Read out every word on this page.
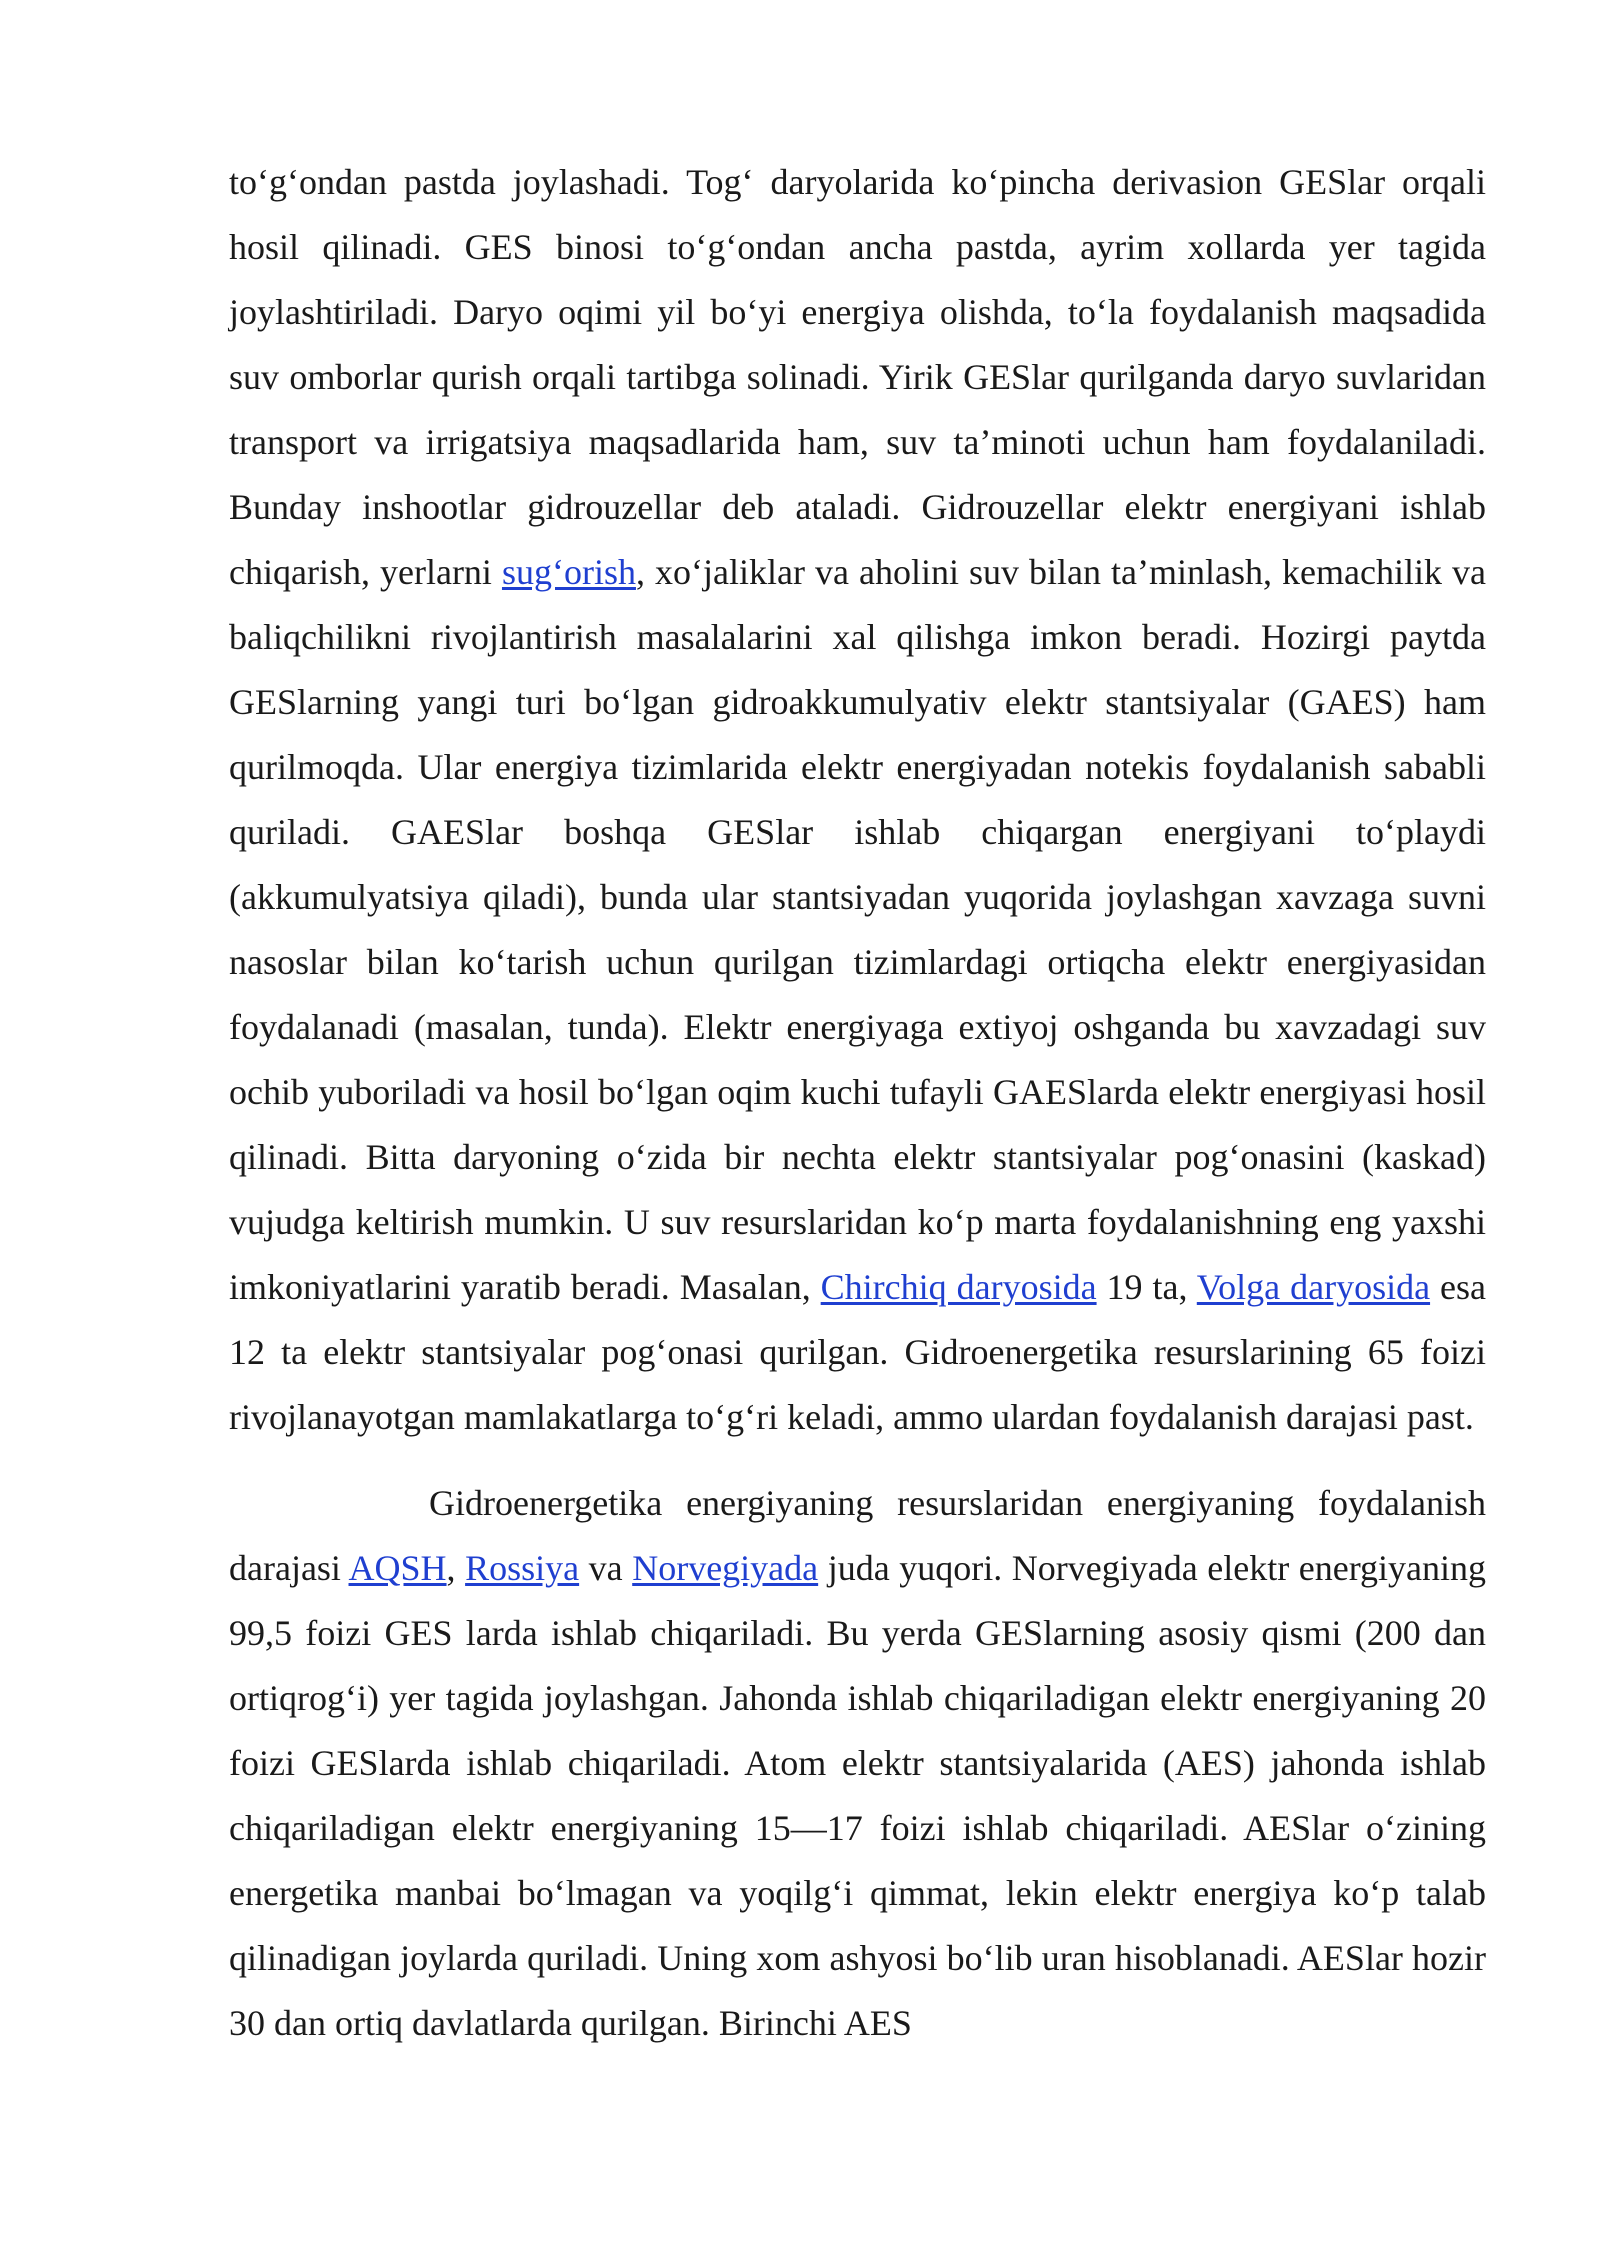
to‘g‘ondan pastda joylashadi. Tog‘ daryolarida ko‘pincha derivasion GESlar orqali hosil qilinadi. GES binosi to‘g‘ondan ancha pastda, ayrim xollarda yer tagida joylashtiriladi. Daryo oqimi yil bo‘yi energiya olishda, to‘la foydalanish maqsadida suv omborlar qurish orqali tartibga solinadi. Yirik GESlar qurilganda daryo suvlaridan transport va irrigatsiya maqsadlarida ham, suv ta’minoti uchun ham foydalaniladi. Bunday inshootlar gidrouzellar deb ataladi. Gidrouzellar elektr energiyani ishlab chiqarish, yerlarni sug‘orish, xo‘jaliklar va aholini suv bilan ta’minlash, kemachilik va baliqchilikni rivojlantirish masalalarini xal qilishga imkon beradi. Hozirgi paytda GESlarning yangi turi bo‘lgan gidroakkumulyativ elektr stantsiyalar (GAES) ham qurilmoqda. Ular energiya tizimlarida elektr energiyadan notekis foydalanish sababli quriladi. GAESlar boshqa GESlar ishlab chiqargan energiyani to‘playdi (akkumulyatsiya qiladi), bunda ular stantsiyadan yuqorida joylashgan xavzaga suvni nasoslar bilan ko‘tarish uchun qurilgan tizimlardagi ortiqcha elektr energiyasidan foydalanadi (masalan, tunda). Elektr energiyaga extiyoj oshganda bu xavzadagi suv ochib yuboriladi va hosil bo‘lgan oqim kuchi tufayli GAESlarda elektr energiyasi hosil qilinadi. Bitta daryoning o‘zida bir nechta elektr stantsiyalar pog‘onasini (kaskad) vujudga keltirish mumkin. U suv resurslaridan ko‘p marta foydalanishning eng yaxshi imkoniyatlarini yaratib beradi. Masalan, Chirchiq daryosida 19 ta, Volga daryosida esa 12 ta elektr stantsiyalar pog‘onasi qurilgan. Gidroenergetika resurslarining 65 foizi rivojlanayotgan mamlakatlarga to‘g‘ri keladi, ammo ulardan foydalanish darajasi past.

Gidroenergetika energiyaning resurslaridan energiyaning foydalanish darajasi AQSH, Rossiya va Norvegiyada juda yuqori. Norvegiyada elektr energiyaning 99,5 foizi GES larda ishlab chiqariladi. Bu yerda GESlarning asosiy qismi (200 dan ortiqrog‘i) yer tagida joylashgan. Jahonda ishlab chiqariladigan elektr energiyaning 20 foizi GESlarda ishlab chiqariladi. Atom elektr stantsiyalarida (AES) jahonda ishlab chiqariladigan elektr energiyaning 15—17 foizi ishlab chiqariladi. AESlar o‘zining energetika manbai bo‘lmagan va yoqilg‘i qimmat, lekin elektr energiya ko‘p talab qilinadigan joylarda quriladi. Uning xom ashyosi bo‘lib uran hisoblanadi. AESlar hozir 30 dan ortiq davlatlarda qurilgan. Birinchi AES
